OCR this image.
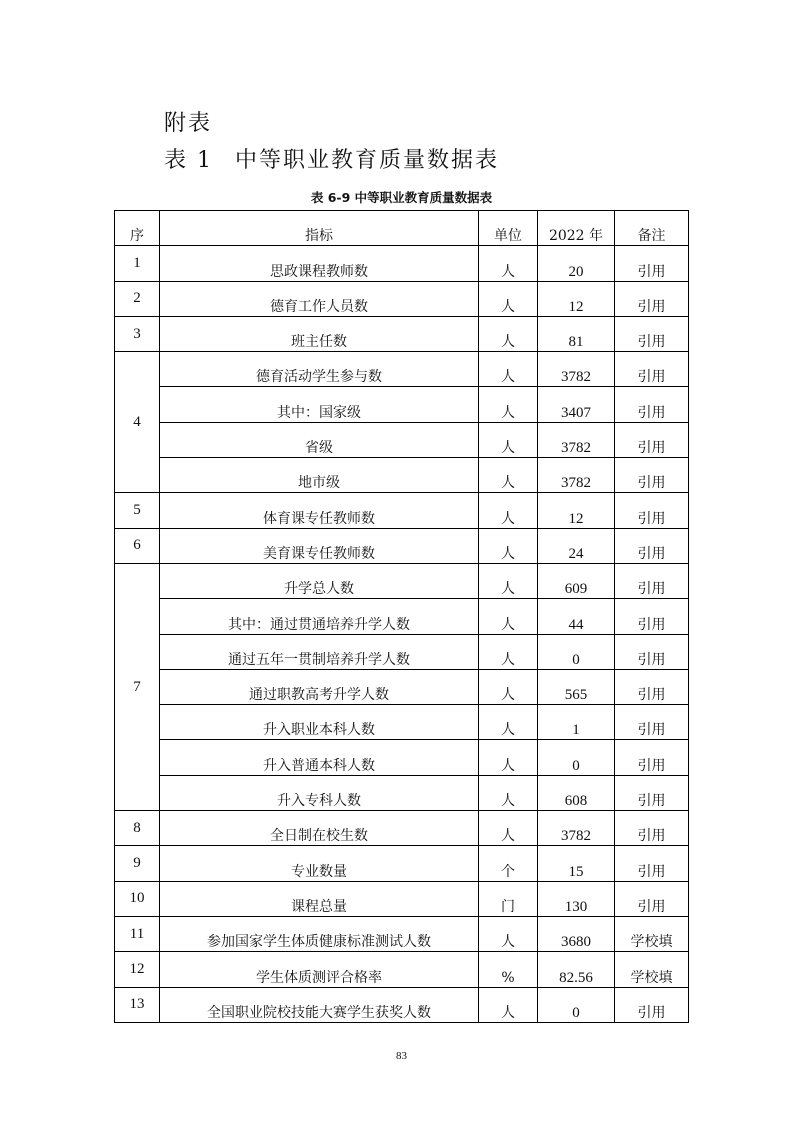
附表
表 1 中等职业教育质量数据表
表 6-9 中等职业教育质量数据表
序	指标	单位	2022 年	备注
1	思政课程教师数	人	20	引用
2	德育工作人员数	人	12	引用
3	班主任数	人	81	引用
4	德育活动学生参与数	人	3782	引用
	其中：国家级	人	3407	引用
	省级	人	3782	引用
	地市级	人	3782	引用
5	体育课专任教师数	人	12	引用
6	美育课专任教师数	人	24	引用
7	升学总人数	人	609	引用
	其中：通过贯通培养升学人数	人	44	引用
	通过五年一贯制培养升学人数	人	0	引用
	通过职教高考升学人数	人	565	引用
	升入职业本科人数	人	1	引用
	升入普通本科人数	人	0	引用
	升入专科人数	人	608	引用
8	全日制在校生数	人	3782	引用
9	专业数量	个	15	引用
10	课程总量	门	130	引用
11	参加国家学生体质健康标准测试人数	人	3680	学校填
12	学生体质测评合格率	%	82.56	学校填
13	全国职业院校技能大赛学生获奖人数	人	0	引用
83
